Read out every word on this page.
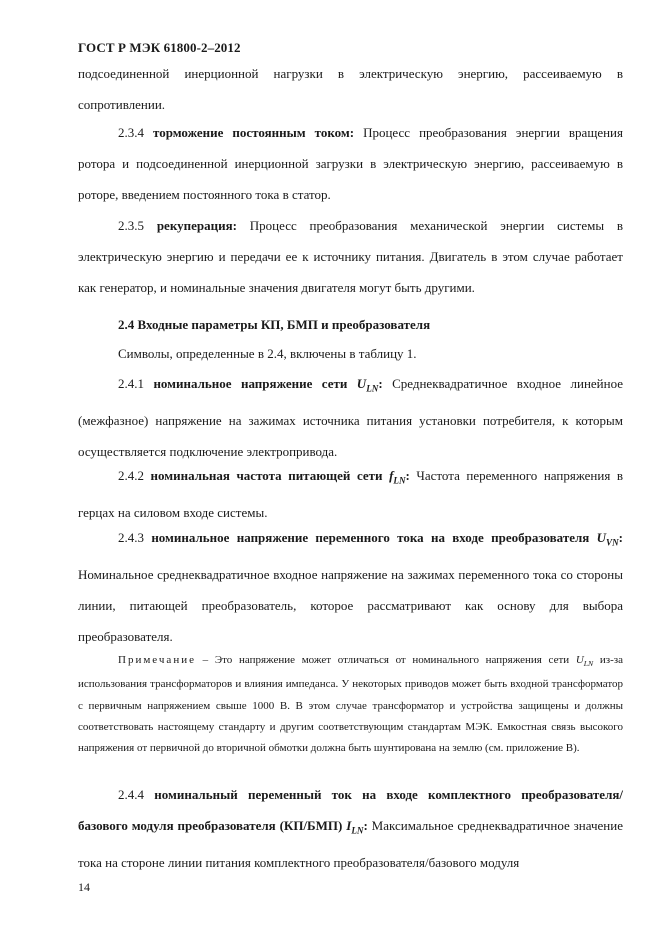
ГОСТ Р МЭК 61800-2–2012
подсоединенной инерционной нагрузки в электрическую энергию, рассеиваемую в сопротивлении.
2.3.4 торможение постоянным током: Процесс преобразования энергии вращения ротора и подсоединенной инерционной загрузки в электрическую энергию, рассеиваемую в роторе, введением постоянного тока в статор.
2.3.5 рекуперация: Процесс преобразования механической энергии системы в электрическую энергию и передачи ее к источнику питания. Двигатель в этом случае работает как генератор, и номинальные значения двигателя могут быть другими.
2.4 Входные параметры КП, БМП и преобразователя
Символы, определенные в 2.4, включены в таблицу 1.
2.4.1 номинальное напряжение сети $U_{LN}$: Среднеквадратичное входное линейное (межфазное) напряжение на зажимах источника питания установки потребителя, к которым осуществляется подключение электропривода.
2.4.2 номинальная частота питающей сети $f_{LN}$: Частота переменного напряжения в герцах на силовом входе системы.
2.4.3 номинальное напряжение переменного тока на входе преобразователя $U_{VN}$: Номинальное среднеквадратичное входное напряжение на зажимах переменного тока со стороны линии, питающей преобразователь, которое рассматривают как основу для выбора преобразователя.
Примечание – Это напряжение может отличаться от номинального напряжения сети $U_{LN}$ из-за использования трансформаторов и влияния импеданса. У некоторых приводов может быть входной трансформатор с первичным напряжением свыше 1000 В. В этом случае трансформатор и устройства защищены и должны соответствовать настоящему стандарту и другим соответствующим стандартам МЭК. Емкостная связь высокого напряжения от первичной до вторичной обмотки должна быть шунтирована на землю (см. приложение В).
2.4.4 номинальный переменный ток на входе комплектного преобразователя/базового модуля преобразователя (КП/БМП) $I_{LN}$: Максимальное среднеквадратичное значение тока на стороне линии питания комплектного преобразователя/базового модуля
14
